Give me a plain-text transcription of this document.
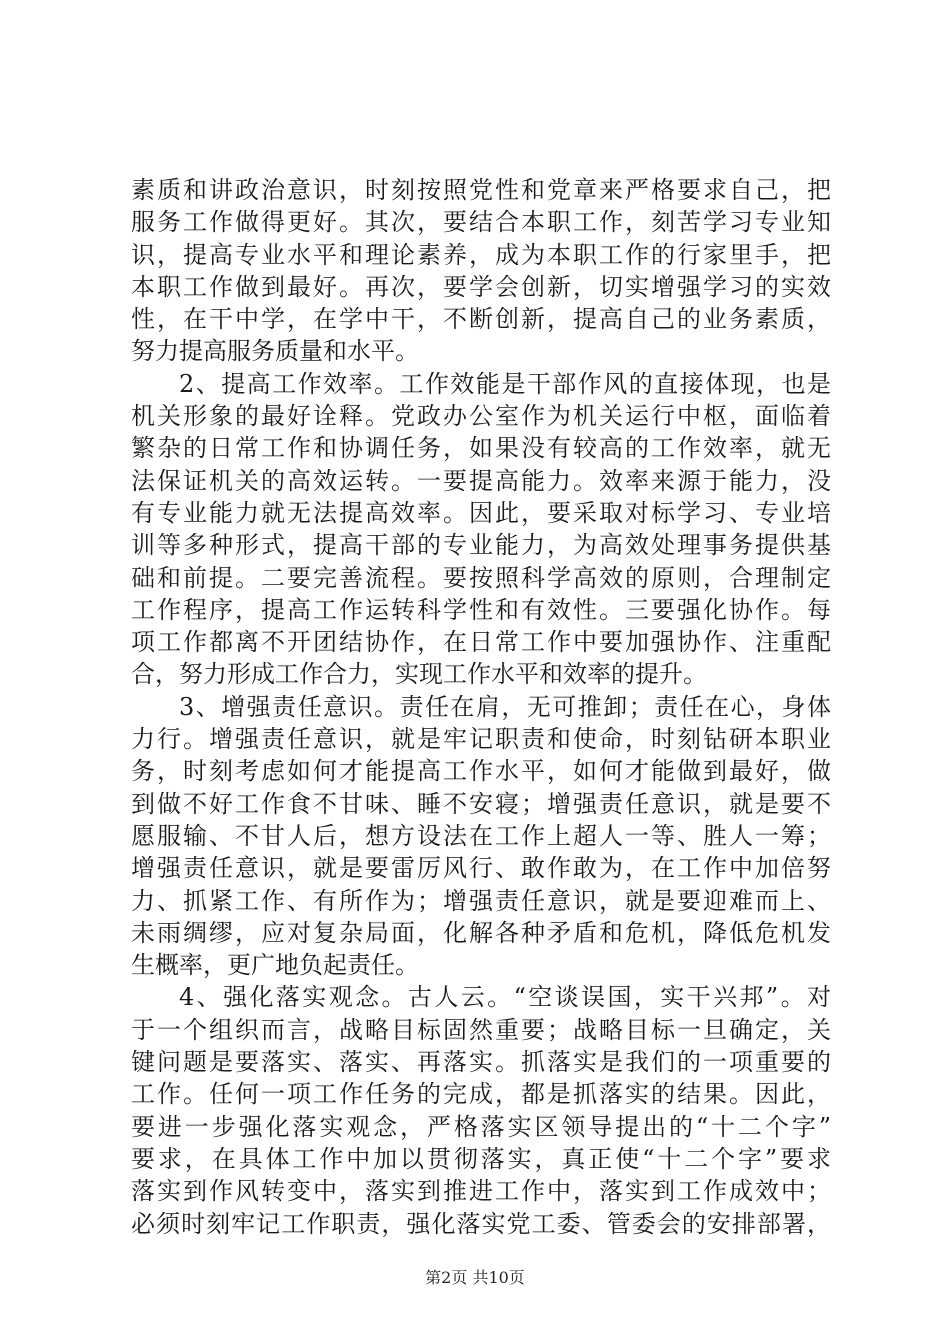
素质和讲政治意识，时刻按照党性和党章来严格要求自己，把
服务工作做得更好。其次，要结合本职工作，刻苦学习专业知
识，提高专业水平和理论素养，成为本职工作的行家里手，把
本职工作做到最好。再次，要学会创新，切实增强学习的实效
性，在干中学，在学中干，不断创新，提高自己的业务素质，
努力提高服务质量和水平。
2、提高工作效率。工作效能是干部作风的直接体现，也是
机关形象的最好诠释。党政办公室作为机关运行中枢，面临着
繁杂的日常工作和协调任务，如果没有较高的工作效率，就无
法保证机关的高效运转。一要提高能力。效率来源于能力，没
有专业能力就无法提高效率。因此，要采取对标学习、专业培
训等多种形式，提高干部的专业能力，为高效处理事务提供基
础和前提。二要完善流程。要按照科学高效的原则，合理制定
工作程序，提高工作运转科学性和有效性。三要强化协作。每
项工作都离不开团结协作，在日常工作中要加强协作、注重配
合，努力形成工作合力，实现工作水平和效率的提升。
3、增强责任意识。责任在肩，无可推卸；责任在心，身体
力行。增强责任意识，就是牢记职责和使命，时刻钻研本职业
务，时刻考虑如何才能提高工作水平，如何才能做到最好，做
到做不好工作食不甘味、睡不安寝；增强责任意识，就是要不
愿服输、不甘人后，想方设法在工作上超人一等、胜人一筹；
增强责任意识，就是要雷厉风行、敢作敢为，在工作中加倍努
力、抓紧工作、有所作为；增强责任意识，就是要迎难而上、
未雨绸缪，应对复杂局面，化解各种矛盾和危机，降低危机发
生概率，更广地负起责任。
4、强化落实观念。古人云。“空谈误国，实干兴邦”。对
于一个组织而言，战略目标固然重要；战略目标一旦确定，关
键问题是要落实、落实、再落实。抓落实是我们的一项重要的
工作。任何一项工作任务的完成，都是抓落实的结果。因此，
要进一步强化落实观念，严格落实区领导提出的“十二个字”
要求，在具体工作中加以贯彻落实，真正使“十二个字”要求
落实到作风转变中，落实到推进工作中，落实到工作成效中；
必须时刻牢记工作职责，强化落实党工委、管委会的安排部署，
第2页 共10页
